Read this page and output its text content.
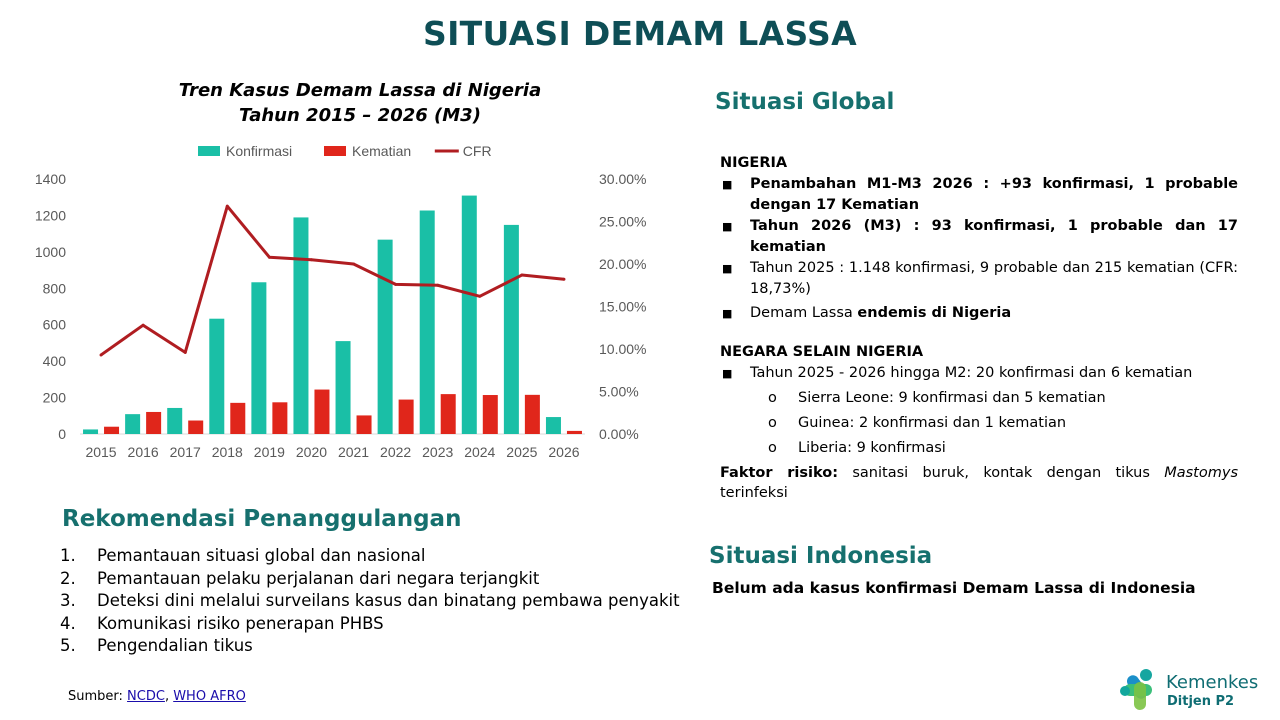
SITUASI DEMAM LASSA
Tren Kasus Demam Lassa di Nigeria
Tahun 2015 – 2026 (M3)
0
200
400
600
800
1000
1200
1400
0.00%
5.00%
10.00%
15.00%
20.00%
25.00%
30.00%
2015 2016 2017 2018 2019 2020 2021 2022 2023 2024 2025 2026
Konfirmasi	Kematian	CFR
Situasi Global
NIGERIA
■ Penambahan M1-M3 2026 : +93 konfirmasi, 1 probable dengan 17 Kematian
■ Tahun 2026 (M3) : 93 konfirmasi, 1 probable dan 17 kematian
■ Tahun 2025 : 1.148 konfirmasi, 9 probable dan 215 kematian (CFR: 18,73%)
■ Demam Lassa endemis di Nigeria
NEGARA SELAIN NIGERIA
■ Tahun 2025 - 2026 hingga M2: 20 konfirmasi dan 6 kematian
o Sierra Leone: 9 konfirmasi dan 5 kematian
o Guinea: 2 konfirmasi dan 1 kematian
o Liberia: 9 konfirmasi
Faktor risiko: sanitasi buruk, kontak dengan tikus Mastomys terinfeksi
Situasi Indonesia
Belum ada kasus konfirmasi Demam Lassa di Indonesia
Rekomendasi Penanggulangan
1. Pemantauan situasi global dan nasional
2. Pemantauan pelaku perjalanan dari negara terjangkit
3. Deteksi dini melalui surveilans kasus dan binatang pembawa penyakit
4. Komunikasi risiko penerapan PHBS
5. Pengendalian tikus
Sumber: NCDC, WHO AFRO
Kemenkes
Ditjen P2
